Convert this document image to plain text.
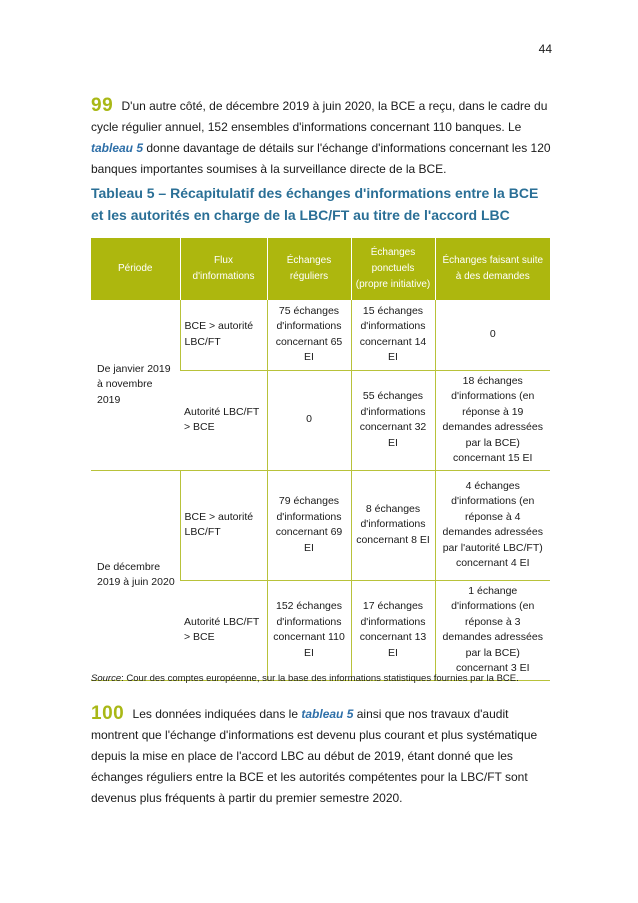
44

99 D'un autre côté, de décembre 2019 à juin 2020, la BCE a reçu, dans le cadre du cycle régulier annuel, 152 ensembles d'informations concernant 110 banques. Le tableau 5 donne davantage de détails sur l'échange d'informations concernant les 120 banques importantes soumises à la surveillance directe de la BCE.

Tableau 5 – Récapitulatif des échanges d'informations entre la BCE et les autorités en charge de la LBC/FT au titre de l'accord LBC

Période	Flux d'informations	Échanges réguliers	Échanges ponctuels (propre initiative)	Échanges faisant suite à des demandes
De janvier 2019 à novembre 2019	BCE > autorité LBC/FT	75 échanges d'informations concernant 65 EI	15 échanges d'informations concernant 14 EI	0
	Autorité LBC/FT > BCE	0	55 échanges d'informations concernant 32 EI	18 échanges d'informations (en réponse à 19 demandes adressées par la BCE) concernant 15 EI
De décembre 2019 à juin 2020	BCE > autorité LBC/FT	79 échanges d'informations concernant 69 EI	8 échanges d'informations concernant 8 EI	4 échanges d'informations (en réponse à 4 demandes adressées par l'autorité LBC/FT) concernant 4 EI
	Autorité LBC/FT > BCE	152 échanges d'informations concernant 110 EI	17 échanges d'informations concernant 13 EI	1 échange d'informations (en réponse à 3 demandes adressées par la BCE) concernant 3 EI

Source: Cour des comptes européenne, sur la base des informations statistiques fournies par la BCE.

100 Les données indiquées dans le tableau 5 ainsi que nos travaux d'audit montrent que l'échange d'informations est devenu plus courant et plus systématique depuis la mise en place de l'accord LBC au début de 2019, étant donné que les échanges réguliers entre la BCE et les autorités compétentes pour la LBC/FT sont devenus plus fréquents à partir du premier semestre 2020.
